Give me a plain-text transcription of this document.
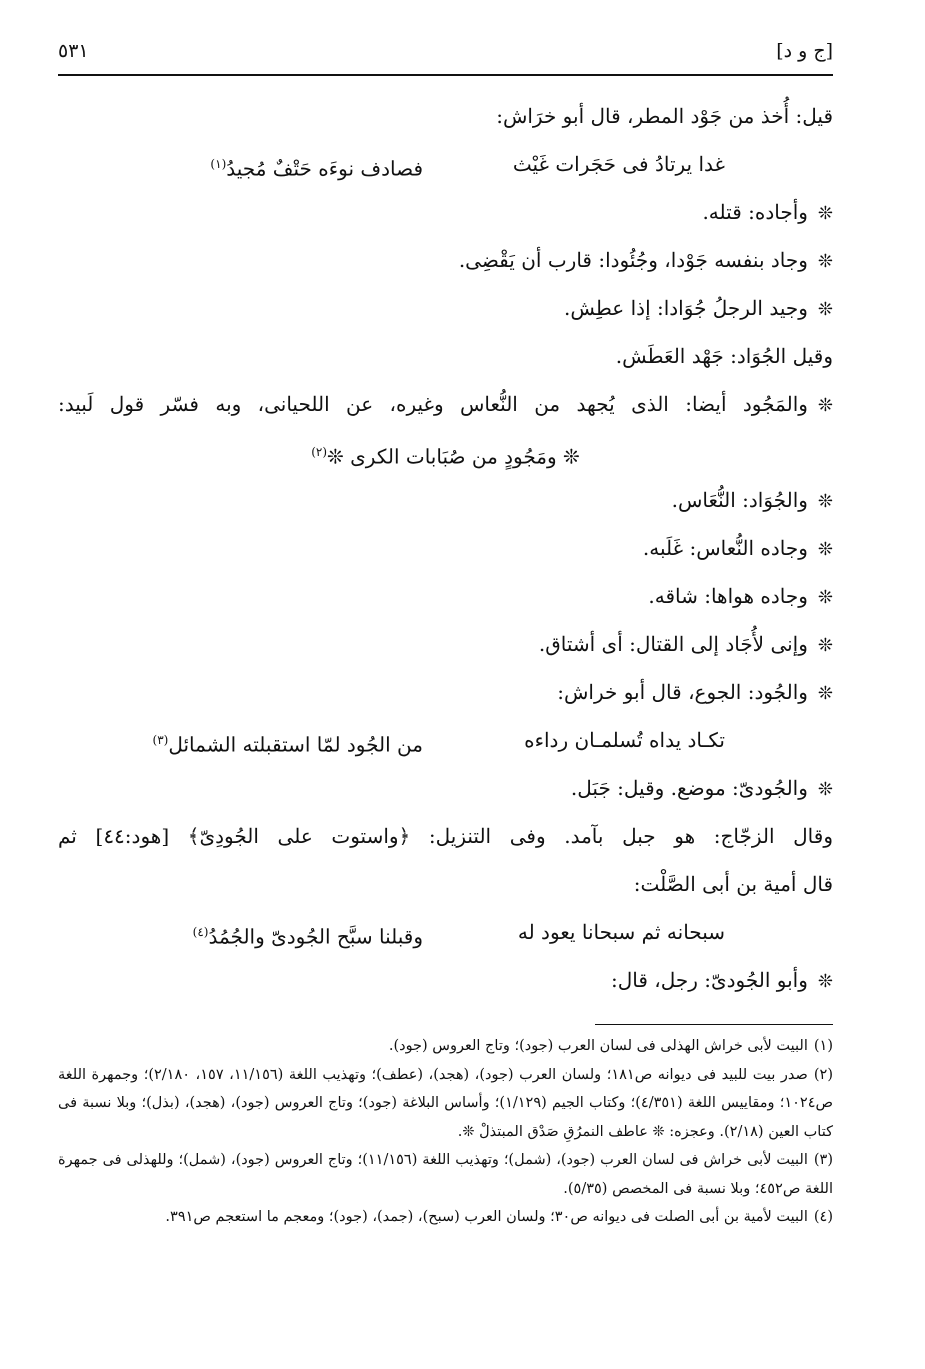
[ج و د]
٥٣١
قيل: أُخذ من جَوْد المطر، قال أبو خرَاش:
غدا يرتادُ فى حَجَرات غَيْث
فصادف نوءَه حَتْفٌ مُجيدُ$^{(١)}$
❊وأجاده: قتله.
❊وجاد بنفسه جَوْدا، وجُئُودا: قارب أن يَقْضِى.
❊وجيد الرجلُ جُوَادا: إذا عطِش.
وقيل الجُوَاد: جَهْد العَطَش.
❊والمَجُود أيضا: الذى يُجهد من النُّعاس وغيره، عن اللحيانى، وبه فسّر قول لَبيد:
❊ ومَجُودٍ من صُبَابات الكرى ❊$^{(٢)}$
❊والجُوَاد: النُّعَاس.
❊وجاده النُّعاس: غَلَبه.
❊وجاده هواها: شاقه.
❊وإنى لأُجَاد إلى القتال: أى أشتاق.
❊والجُود: الجوع، قال أبو خراش:
تكـاد يداه تُسلمـان رداءه
من الجُود لمّا استقبلته الشمائل$^{(٣)}$
❊والجُودىّ: موضع. وقيل: جَبَل.
وقال الزجّاج: هو جبل بآمد. وفى التنزيل: ﴿واستوت على الجُودِىّ﴾ [هود:٤٤] ثم
قال أمية بن أبى الصَّلْت:
سبحانه ثم سبحانا يعود له
وقبلنا سبَّح الجُودىّ والجُمُدُ$^{(٤)}$
❊وأبو الجُودىّ: رجل، قال:
(١)البيت لأبى خراش الهذلى فى لسان العرب (جود)؛ وتاج العروس (جود).
(٢)صدر بيت للبيد فى ديوانه ص١٨١؛ ولسان العرب (جود)، (هجد)، (عطف)؛ وتهذيب اللغة (١١/١٥٦، ١٥٧، ٢/١٨٠)؛ وجمهرة اللغة ص١٠٢٤؛ ومقاييس اللغة (٤/٣٥١)؛ وكتاب الجيم (١/١٢٩)؛ وأساس البلاغة (جود)؛ وتاج العروس (جود)، (هجد)، (بذل)؛ وبلا نسبة فى كتاب العين (٢/١٨). وعجزه: ❊ عاطف النمرُقِ صَدْق المبتذلْ ❊.
(٣)البيت لأبى خراش فى لسان العرب (جود)، (شمل)؛ وتهذيب اللغة (١١/١٥٦)؛ وتاج العروس (جود)، (شمل)؛ وللهذلى فى جمهرة اللغة ص٤٥٢؛ وبلا نسبة فى المخصص (٥/٣٥).
(٤)البيت لأمية بن أبى الصلت فى ديوانه ص٣٠؛ ولسان العرب (سبح)، (جمد)، (جود)؛ ومعجم ما استعجم ص٣٩١.
